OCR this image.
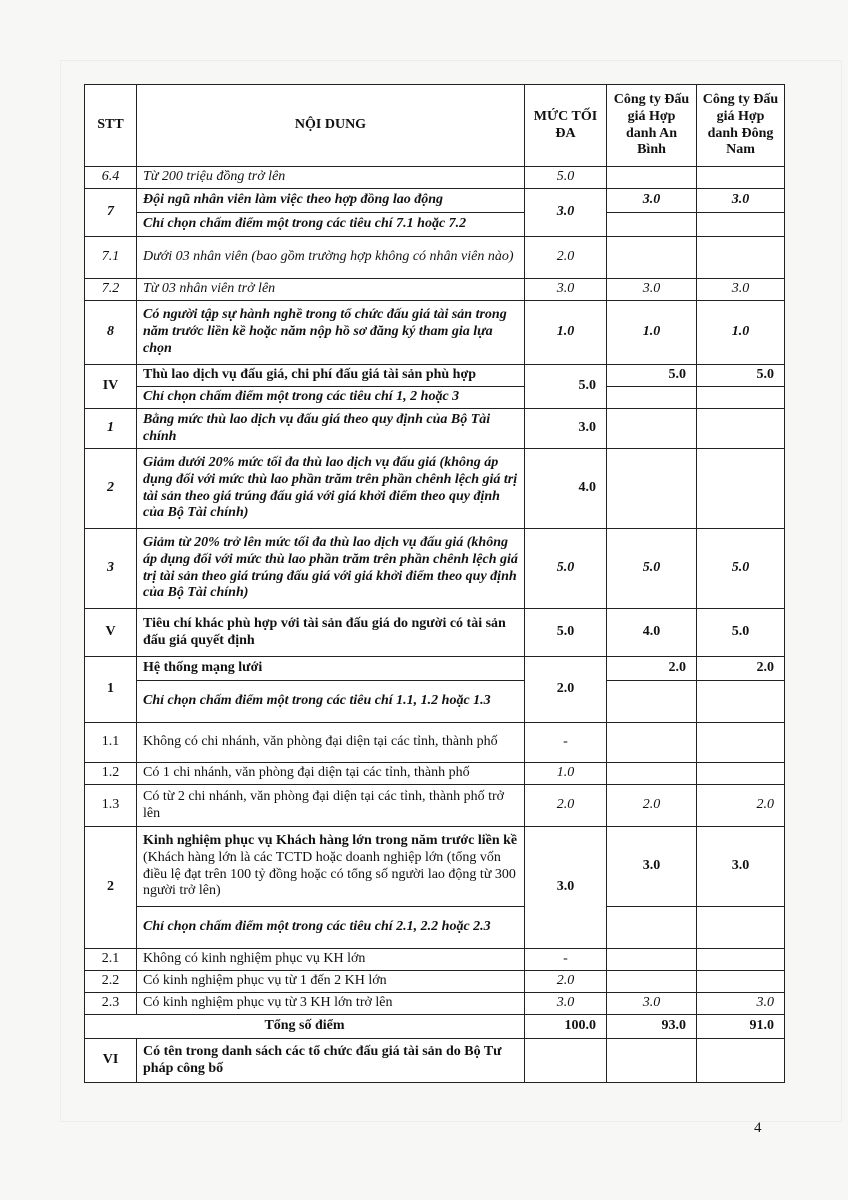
STT	NỘI DUNG	MỨC TỐI ĐA	Công ty Đấu giá Hợp danh An Bình	Công ty Đấu giá Hợp danh Đông Nam
6.4	Từ 200 triệu đồng trở lên	5.0		
7	Đội ngũ nhân viên làm việc theo hợp đồng lao động	3.0	3.0	3.0
	Chỉ chọn chấm điểm một trong các tiêu chí 7.1 hoặc 7.2			
7.1	Dưới 03 nhân viên (bao gồm trường hợp không có nhân viên nào)	2.0		
7.2	Từ 03 nhân viên trở lên	3.0	3.0	3.0
8	Có người tập sự hành nghề trong tổ chức đấu giá tài sản trong năm trước liền kề hoặc năm nộp hồ sơ đăng ký tham gia lựa chọn	1.0	1.0	1.0
IV	Thù lao dịch vụ đấu giá, chi phí đấu giá tài sản phù hợp	5.0	5.0	5.0
	Chỉ chọn chấm điểm một trong các tiêu chí 1, 2 hoặc 3			
1	Bằng mức thù lao dịch vụ đấu giá theo quy định của Bộ Tài chính	3.0		
2	Giảm dưới 20% mức tối đa thù lao dịch vụ đấu giá (không áp dụng đối với mức thù lao phần trăm trên phần chênh lệch giá trị tài sản theo giá trúng đấu giá với giá khởi điểm theo quy định của Bộ Tài chính)	4.0		
3	Giảm từ 20% trở lên mức tối đa thù lao dịch vụ đấu giá (không áp dụng đối với mức thù lao phần trăm trên phần chênh lệch giá trị tài sản theo giá trúng đấu giá với giá khởi điểm theo quy định của Bộ Tài chính)	5.0	5.0	5.0
V	Tiêu chí khác phù hợp với tài sản đấu giá do người có tài sản đấu giá quyết định	5.0	4.0	5.0
1	Hệ thống mạng lưới	2.0	2.0	2.0
	Chỉ chọn chấm điểm một trong các tiêu chí 1.1, 1.2 hoặc 1.3			
1.1	Không có chi nhánh, văn phòng đại diện tại các tỉnh, thành phố	-		
1.2	Có 1 chi nhánh, văn phòng đại diện tại các tỉnh, thành phố	1.0		
1.3	Có từ 2 chi nhánh, văn phòng đại diện tại các tỉnh, thành phố trở lên	2.0	2.0	2.0
2	Kinh nghiệm phục vụ Khách hàng lớn trong năm trước liền kề (Khách hàng lớn là các TCTD hoặc doanh nghiệp lớn (tổng vốn điều lệ đạt trên 100 tỷ đồng hoặc có tổng số người lao động từ 300 người trở lên)	3.0	3.0	3.0
	Chỉ chọn chấm điểm một trong các tiêu chí 2.1, 2.2 hoặc 2.3			
2.1	Không có kinh nghiệm phục vụ KH lớn	-		
2.2	Có kinh nghiệm phục vụ từ 1 đến 2 KH lớn	2.0		
2.3	Có kinh nghiệm phục vụ từ 3 KH lớn trở lên	3.0	3.0	3.0
Tổng số điểm		100.0	93.0	91.0
VI	Có tên trong danh sách các tổ chức đấu giá tài sản do Bộ Tư pháp công bố			
4
